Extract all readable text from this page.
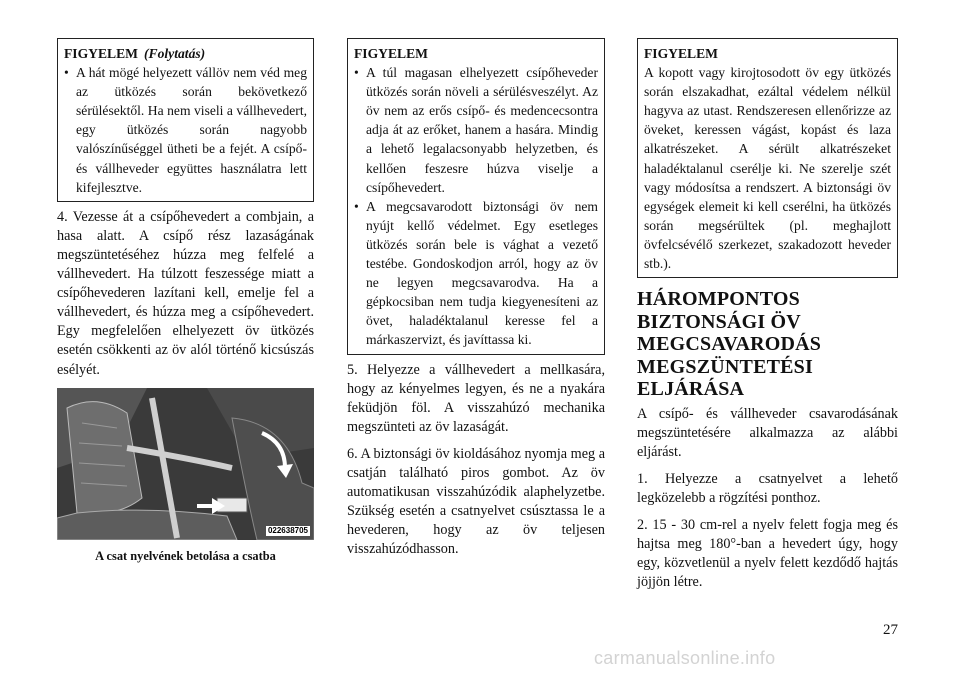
FIGYELEM (Folytatás)
• A hát mögé helyezett vállöv nem véd meg az ütközés során bekövetkező sérülésektől. Ha nem viseli a vállhevedert, egy ütközés során nagyobb valószínűséggel ütheti be a fejét. A csípő- és vállheveder együttes használatra lett kifejlesztve.

4. Vezesse át a csípőhevedert a combjain, a hasa alatt. A csípő rész lazaságának megszüntetéséhez húzza meg felfelé a vállhevedert. Ha túlzott feszessége miatt a csípőhevederen lazítani kell, emelje fel a vállhevedert, és húzza meg a csípőhevedert. Egy megfelelően elhelyezett öv ütközés esetén csökkenti az öv alól történő kicsúszás esélyét.

022638705
A csat nyelvének betolása a csatba
FIGYELEM
• A túl magasan elhelyezett csípőheveder ütközés során növeli a sérülésveszélyt. Az öv nem az erős csípő- és medencecsontra adja át az erőket, hanem a hasára. Mindig a lehető legalacsonyabb helyzetben, és kellően feszesre húzva viselje a csípőhevedert.
• A megcsavarodott biztonsági öv nem nyújt kellő védelmet. Egy esetleges ütközés során bele is vághat a vezető testébe. Gondoskodjon arról, hogy az öv ne legyen megcsavarodva. Ha a gépkocsiban nem tudja kiegyenesíteni az övet, haladéktalanul keresse fel a márkaszervizt, és javíttassa ki.

5. Helyezze a vállhevedert a mellkasára, hogy az kényelmes legyen, és ne a nyakára feküdjön föl. A visszahúzó mechanika megszünteti az öv lazaságát.

6. A biztonsági öv kioldásához nyomja meg a csatján található piros gombot. Az öv automatikusan visszahúzódik alaphelyzetbe. Szükség esetén a csatnyelvet csúsztassa le a hevederen, hogy az öv teljesen visszahúzódhasson.

FIGYELEM
A kopott vagy kirojtosodott öv egy ütközés során elszakadhat, ezáltal védelem nélkül hagyva az utast. Rendszeresen ellenőrizze az öveket, keressen vágást, kopást és laza alkatrészeket. A sérült alkatrészeket haladéktalanul cserélje ki. Ne szerelje szét vagy módosítsa a rendszert. A biztonsági öv egységek elemeit ki kell cserélni, ha ütközés során megsérültek (pl. meghajlott övfelcsévélő szerkezet, szakadozott heveder stb.).
HÁROMPONTOS
BIZTONSÁGI ÖV
MEGCSAVARODÁS
MEGSZÜNTETÉSI
ELJÁRÁSA

A csípő- és vállheveder csavarodásának megszüntetésére alkalmazza az alábbi eljárást.

1. Helyezze a csatnyelvet a lehető legközelebb a rögzítési ponthoz.

2. 15 - 30 cm-rel a nyelv felett fogja meg és hajtsa meg 180°-ban a hevedert úgy, hogy egy, közvetlenül a nyelv felett kezdődő hajtás jöjjön létre.

27
carmanualsonline.info
